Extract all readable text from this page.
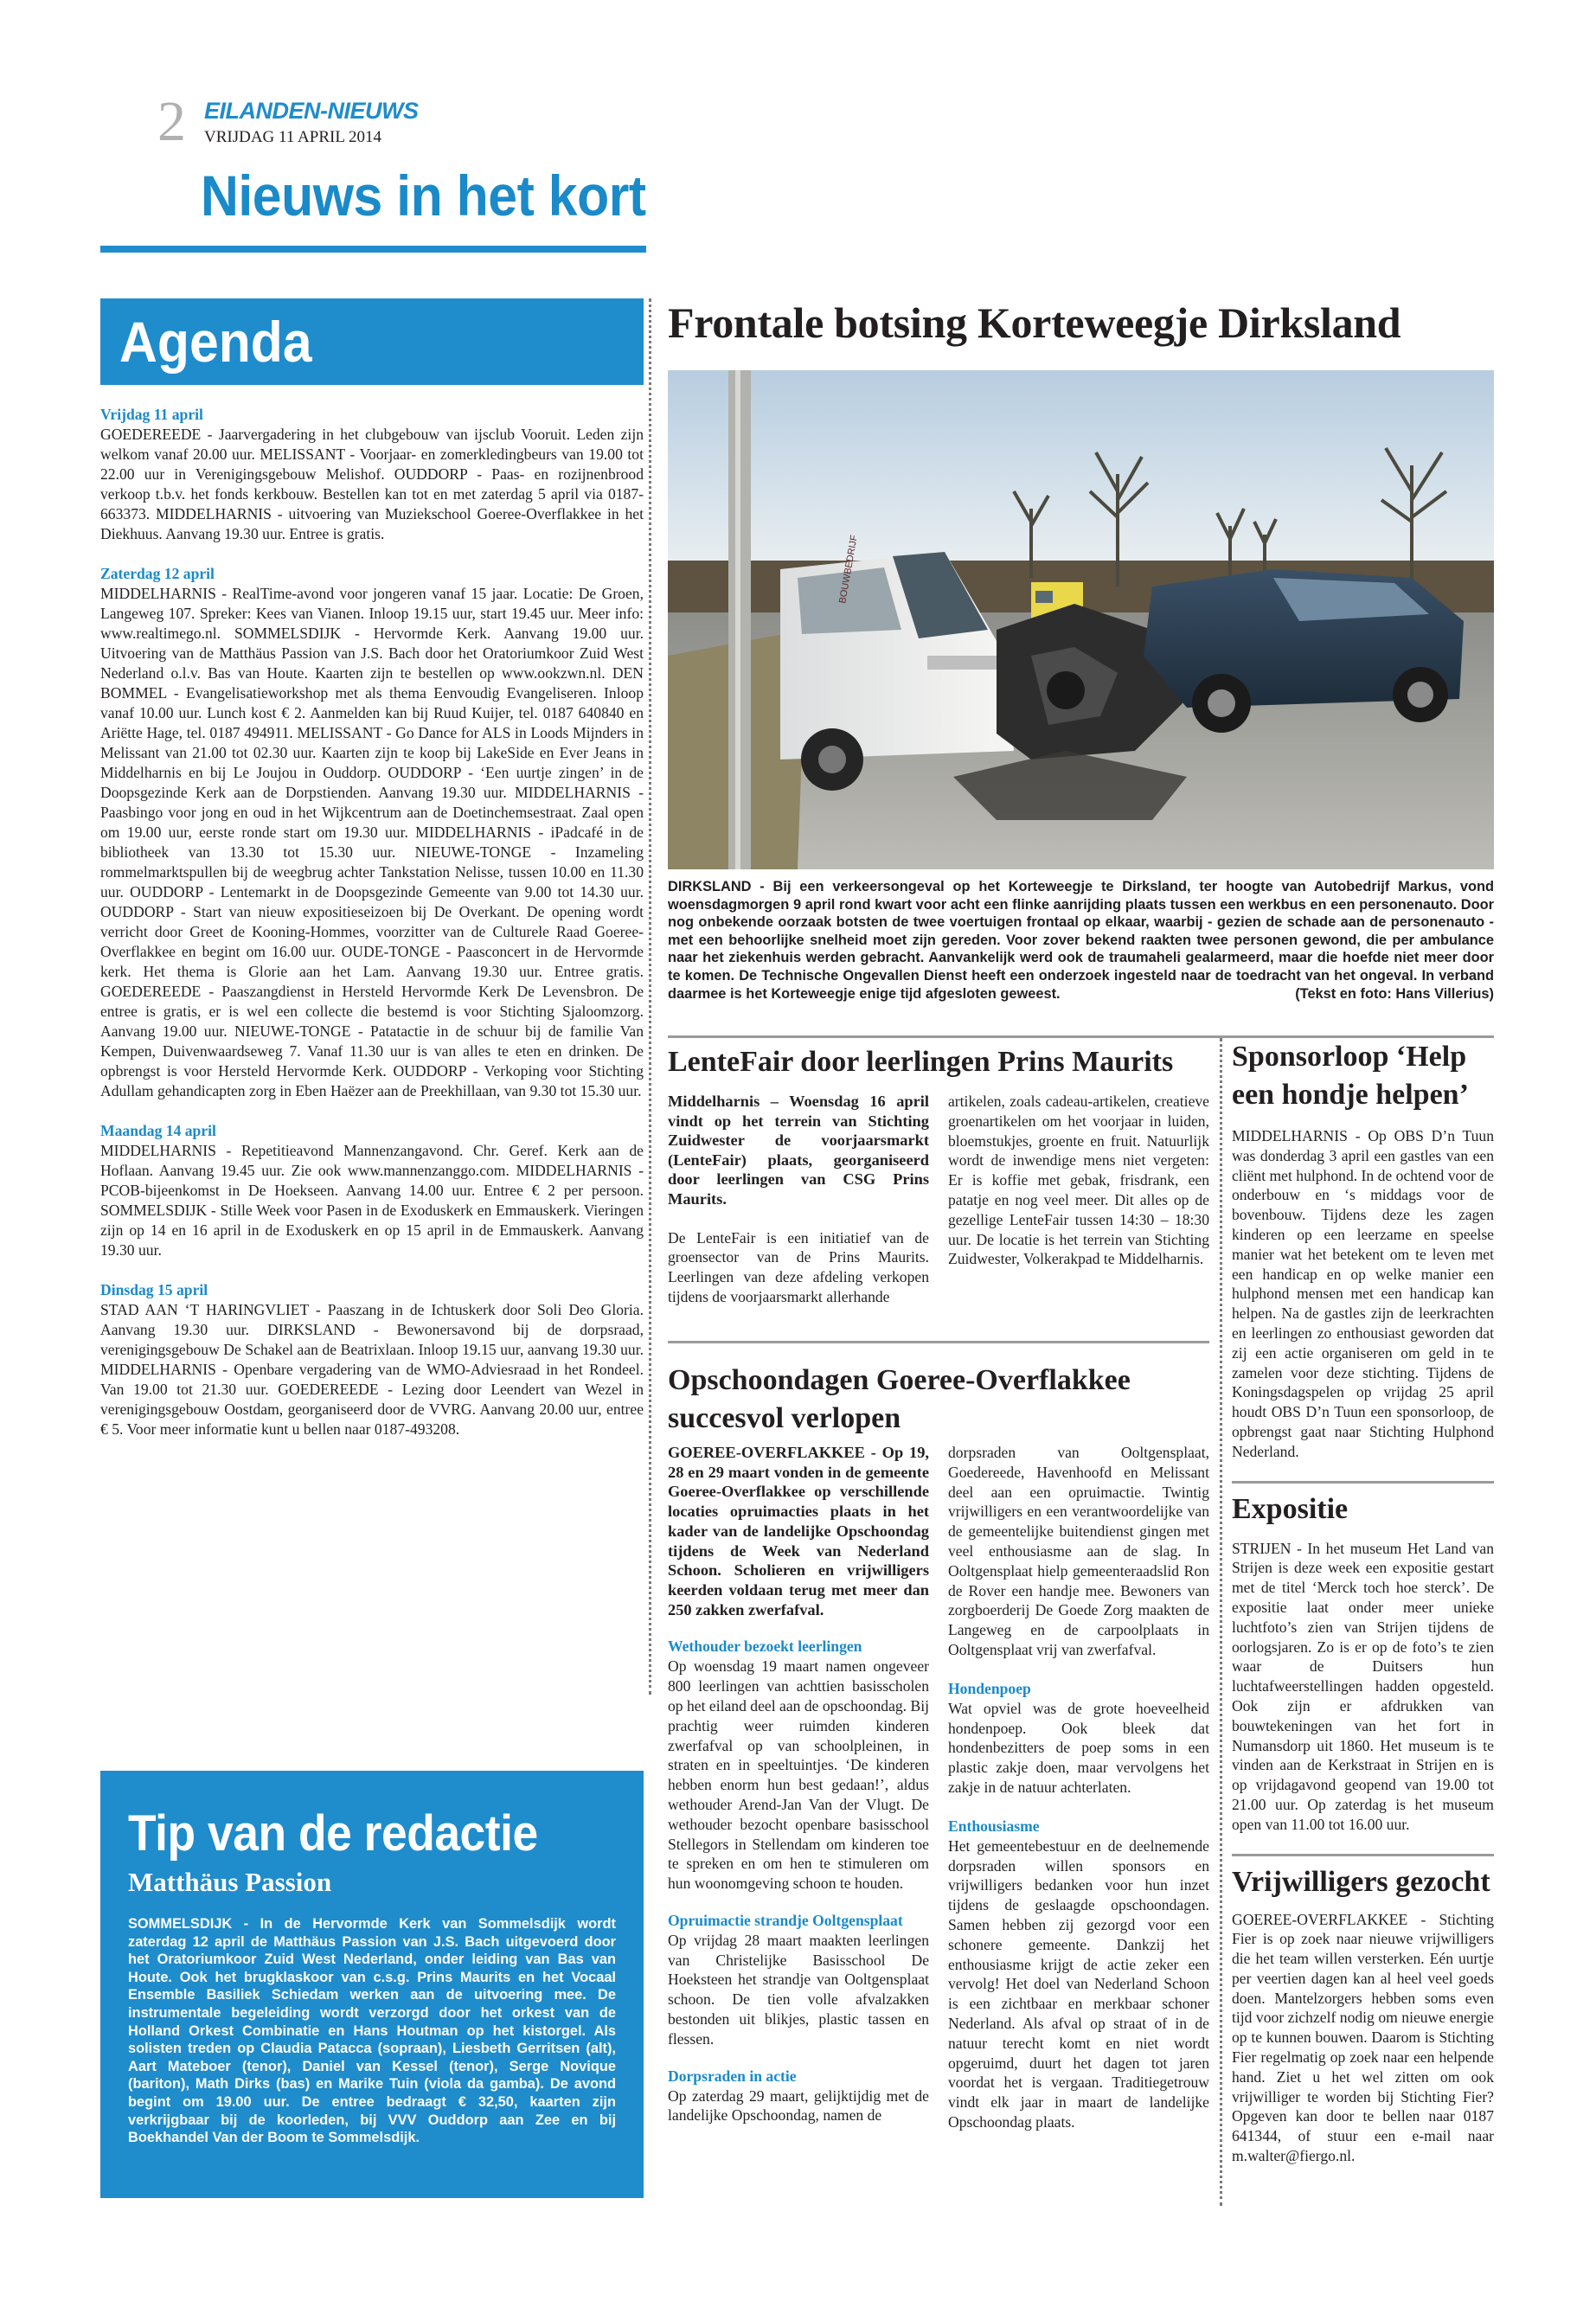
2 EILANDEN-NIEUWS
VRIJDAG 11 APRIL 2014
Nieuws in het kort
Agenda

Vrijdag 11 april

GOEDEREEDE - Jaarvergadering in het clubgebouw van ijsclub Vooruit. Leden zijn welkom vanaf 20.00 uur. MELISSANT - Voorjaar- en zomerkledingbeurs van 19.00 tot 22.00 uur in Verenigingsgebouw Melishof. OUDDORP - Paas- en rozijnenbrood verkoop t.b.v. het fonds kerkbouw. Bestellen kan tot en met zaterdag 5 april via 0187-663373. MIDDELHARNIS - uitvoering van Muziekschool Goeree-Overflakkee in het Diekhuus. Aanvang 19.30 uur. Entree is gratis.

Zaterdag 12 april

MIDDELHARNIS - RealTime-avond voor jongeren vanaf 15 jaar. Locatie: De Groen, Langeweg 107. Spreker: Kees van Vianen. Inloop 19.15 uur, start 19.45 uur. Meer info: www.realtimego.nl. SOMMELSDIJK - Hervormde Kerk. Aanvang 19.00 uur. Uitvoering van de Matthäus Passion van J.S. Bach door het Oratoriumkoor Zuid West Nederland o.l.v. Bas van Houte. Kaarten zijn te bestellen op www.ookzwn.nl. DEN BOMMEL - Evangelisatieworkshop met als thema Eenvoudig Evangeliseren. Inloop vanaf 10.00 uur. Lunch kost € 2. Aanmelden kan bij Ruud Kuijer, tel. 0187 640840 en Ariëtte Hage, tel. 0187 494911. MELISSANT - Go Dance for ALS in Loods Mijnders in Melissant van 21.00 tot 02.30 uur. Kaarten zijn te koop bij LakeSide en Ever Jeans in Middelharnis en bij Le Joujou in Ouddorp. OUDDORP - ‘Een uurtje zingen’ in de Doopsgezinde Kerk aan de Dorpstienden. Aanvang 19.30 uur. MIDDELHARNIS - Paasbingo voor jong en oud in het Wijkcentrum aan de Doetinchemsestraat. Zaal open om 19.00 uur, eerste ronde start om 19.30 uur. MIDDELHARNIS - iPadcafé in de bibliotheek van 13.30 tot 15.30 uur. NIEUWE-TONGE - Inzameling rommelmarktspullen bij de weegbrug achter Tankstation Nelisse, tussen 10.00 en 11.30 uur. OUDDORP - Lentemarkt in de Doopsgezinde Gemeente van 9.00 tot 14.30 uur. OUDDORP - Start van nieuw expositieseizoen bij De Overkant. De opening wordt verricht door Greet de Kooning-Hommes, voorzitter van de Culturele Raad Goeree-Overflakkee en begint om 16.00 uur. OUDE-TONGE - Paasconcert in de Hervormde kerk. Het thema is Glorie aan het Lam. Aanvang 19.30 uur. Entree gratis. GOEDEREEDE - Paaszangdienst in Hersteld Hervormde Kerk De Levensbron. De entree is gratis, er is wel een collecte die bestemd is voor Stichting Sjaloomzorg. Aanvang 19.00 uur. NIEUWE-TONGE - Patatactie in de schuur bij de familie Van Kempen, Duivenwaardseweg 7. Vanaf 11.30 uur is van alles te eten en drinken. De opbrengst is voor Hersteld Hervormde Kerk. OUDDORP - Verkoping voor Stichting Adullam gehandicapten zorg in Eben Haëzer aan de Preekhillaan, van 9.30 tot 15.30 uur.

Maandag 14 april

MIDDELHARNIS - Repetitieavond Mannenzangavond. Chr. Geref. Kerk aan de Hoflaan. Aanvang 19.45 uur. Zie ook www.mannenzanggo.com. MIDDELHARNIS - PCOB-bijeenkomst in De Hoekseen. Aanvang 14.00 uur. Entree € 2 per persoon. SOMMELSDIJK - Stille Week voor Pasen in de Exoduskerk en Emmauskerk. Vieringen zijn op 14 en 16 april in de Exoduskerk en op 15 april in de Emmauskerk. Aanvang 19.30 uur.

Dinsdag 15 april

STAD AAN ‘T HARINGVLIET - Paaszang in de Ichtuskerk door Soli Deo Gloria. Aanvang 19.30 uur. DIRKSLAND - Bewonersavond bij de dorpsraad, verenigingsgebouw De Schakel aan de Beatrixlaan. Inloop 19.15 uur, aanvang 19.30 uur. MIDDELHARNIS - Openbare vergadering van de WMO-Adviesraad in het Rondeel. Van 19.00 tot 21.30 uur. GOEDEREEDE - Lezing door Leendert van Wezel in verenigingsgebouw Oostdam, georganiseerd door de VVRG. Aanvang 20.00 uur, entree € 5. Voor meer informatie kunt u bellen naar 0187-493208.

Tip van de redactie
Matthäus Passion
SOMMELSDIJK - In de Hervormde Kerk van Sommelsdijk wordt zaterdag 12 april de Matthäus Passion van J.S. Bach uitgevoerd door het Oratoriumkoor Zuid West Nederland, onder leiding van Bas van Houte. Ook het brugklaskoor van c.s.g. Prins Maurits en het Vocaal Ensemble Basiliek Schiedam werken aan de uitvoering mee. De instrumentale begeleiding wordt verzorgd door het orkest van de Holland Orkest Combinatie en Hans Houtman op het kistorgel. Als solisten treden op Claudia Patacca (sopraan), Liesbeth Gerritsen (alt), Aart Mateboer (tenor), Daniel van Kessel (tenor), Serge Novique (bariton), Math Dirks (bas) en Marike Tuin (viola da gamba). De avond begint om 19.00 uur. De entree bedraagt € 32,50, kaarten zijn verkrijgbaar bij de koorleden, bij VVV Ouddorp aan Zee en bij Boekhandel Van der Boom te Sommelsdijk.
Frontale botsing Korteweegje Dirksland
BOUWBEDRIJF
DIRKSLAND - Bij een verkeersongeval op het Korteweegje te Dirksland, ter hoogte van Autobedrijf Markus, vond woensdagmorgen 9 april rond kwart voor acht een flinke aanrijding plaats tussen een werkbus en een personenauto. Door nog onbekende oorzaak botsten de twee voertuigen frontaal op elkaar, waarbij - gezien de schade aan de personenauto - met een behoorlijke snelheid moet zijn gereden. Voor zover bekend raakten twee personen gewond, die per ambulance naar het ziekenhuis werden gebracht. Aanvankelijk werd ook de traumaheli gealarmeerd, maar die hoefde niet meer door te komen. De Technische Ongevallen Dienst heeft een onderzoek ingesteld naar de toedracht van het ongeval. In verband daarmee is het Korteweegje enige tijd afgesloten geweest.	(Tekst en foto: Hans Villerius)
LenteFair door leerlingen Prins Maurits

Middelharnis – Woensdag 16 april vindt op het terrein van Stichting Zuidwester de voorjaarsmarkt (LenteFair) plaats, georganiseerd door leerlingen van CSG Prins Maurits.

De LenteFair is een initiatief van de groensector van de Prins Maurits. Leerlingen van deze afdeling verkopen tijdens de voorjaarsmarkt allerhande

artikelen, zoals cadeau-artikelen, creatieve groenartikelen om het voorjaar in luiden, bloemstukjes, groente en fruit. Natuurlijk wordt de inwendige mens niet vergeten: Er is koffie met gebak, frisdrank, een patatje en nog veel meer. Dit alles op de gezellige LenteFair tussen 14:30 – 18:30 uur. De locatie is het terrein van Stichting Zuidwester, Volkerakpad te Middelharnis.

Opschoondagen Goeree-Overflakkee succesvol verlopen

GOEREE-OVERFLAKKEE - Op 19, 28 en 29 maart vonden in de gemeente Goeree-Overflakkee op verschillende locaties opruimacties plaats in het kader van de landelijke Opschoondag tijdens de Week van Nederland Schoon. Scholieren en vrijwilligers keerden voldaan terug met meer dan 250 zakken zwerfafval.

Wethouder bezoekt leerlingen

Op woensdag 19 maart namen ongeveer 800 leerlingen van achttien basisscholen op het eiland deel aan de opschoondag. Bij prachtig weer ruimden kinderen zwerfafval op van schoolpleinen, in straten en in speeltuintjes. ‘De kinderen hebben enorm hun best gedaan!’, aldus wethouder Arend-Jan Van der Vlugt. De wethouder bezocht openbare basisschool Stellegors in Stellendam om kinderen toe te spreken en om hen te stimuleren om hun woonomgeving schoon te houden.

Opruimactie strandje Ooltgensplaat

Op vrijdag 28 maart maakten leerlingen van Christelijke Basisschool De Hoeksteen het strandje van Ooltgensplaat schoon. De tien volle afvalzakken bestonden uit blikjes, plastic tassen en flessen.

Dorpsraden in actie

Op zaterdag 29 maart, gelijktijdig met de landelijke Opschoondag, namen de

dorpsraden van Ooltgensplaat, Goedereede, Havenhoofd en Melissant deel aan een opruimactie. Twintig vrijwilligers en een verantwoordelijke van de gemeentelijke buitendienst gingen met veel enthousiasme aan de slag. In Ooltgensplaat hielp gemeenteraadslid Ron de Rover een handje mee. Bewoners van zorgboerderij De Goede Zorg maakten de Langeweg en de carpoolplaats in Ooltgensplaat vrij van zwerfafval.

Hondenpoep

Wat opviel was de grote hoeveelheid hondenpoep. Ook bleek dat hondenbezitters de poep soms in een plastic zakje doen, maar vervolgens het zakje in de natuur achterlaten.

Enthousiasme

Het gemeentebestuur en de deelnemende dorpsraden willen sponsors en vrijwilligers bedanken voor hun inzet tijdens de geslaagde opschoondagen. Samen hebben zij gezorgd voor een schonere gemeente. Dankzij het enthousiasme krijgt de actie zeker een vervolg! Het doel van Nederland Schoon is een zichtbaar en merkbaar schoner Nederland. Als afval op straat of in de natuur terecht komt en niet wordt opgeruimd, duurt het dagen tot jaren voordat het is vergaan. Traditiegetrouw vindt elk jaar in maart de landelijke Opschoondag plaats.

Sponsorloop ‘Help een hondje helpen’

MIDDELHARNIS - Op OBS D’n Tuun was donderdag 3 april een gastles van een cliënt met hulphond. In de ochtend voor de onderbouw en ‘s middags voor de bovenbouw. Tijdens deze les zagen kinderen op een leerzame en speelse manier wat het betekent om te leven met een handicap en op welke manier een hulphond mensen met een handicap kan helpen. Na de gastles zijn de leerkrachten en leerlingen zo enthousiast geworden dat zij een actie organiseren om geld in te zamelen voor deze stichting. Tijdens de Koningsdagspelen op vrijdag 25 april houdt OBS D’n Tuun een sponsorloop, de opbrengst gaat naar Stichting Hulphond Nederland.

Expositie

STRIJEN - In het museum Het Land van Strijen is deze week een expositie gestart met de titel ‘Merck toch hoe sterck’. De expositie laat onder meer unieke luchtfoto’s zien van Strijen tijdens de oorlogsjaren. Zo is er op de foto’s te zien waar de Duitsers hun luchtafweerstellingen hadden opgesteld. Ook zijn er afdrukken van bouwtekeningen van het fort in Numansdorp uit 1860. Het museum is te vinden aan de Kerkstraat in Strijen en is op vrijdagavond geopend van 19.00 tot 21.00 uur. Op zaterdag is het museum open van 11.00 tot 16.00 uur.

Vrijwilligers gezocht

GOEREE-OVERFLAKKEE - Stichting Fier is op zoek naar nieuwe vrijwilligers die het team willen versterken. Eén uurtje per veertien dagen kan al heel veel goeds doen. Mantelzorgers hebben soms even tijd voor zichzelf nodig om nieuwe energie op te kunnen bouwen. Daarom is Stichting Fier regelmatig op zoek naar een helpende hand. Ziet u het wel zitten om ook vrijwilliger te worden bij Stichting Fier? Opgeven kan door te bellen naar 0187 641344, of stuur een e-mail naar m.walter@fiergo.nl.
